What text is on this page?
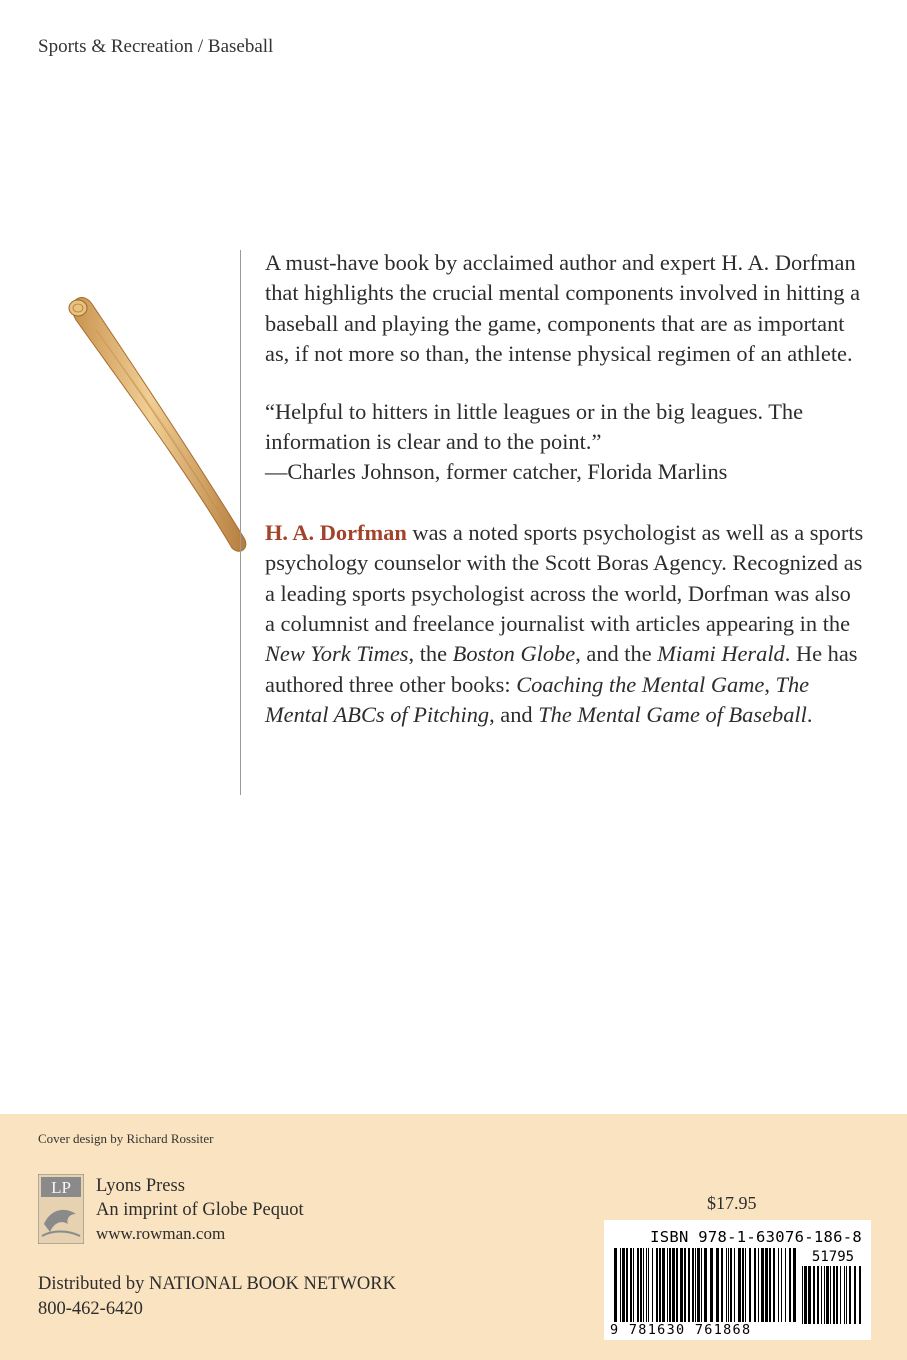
Sports & Recreation / Baseball

A must-have book by acclaimed author and expert H. A. Dorfman that highlights the crucial mental components involved in hitting a baseball and playing the game, components that are as important as, if not more so than, the intense physical regimen of an athlete.

“Helpful to hitters in little leagues or in the big leagues. The information is clear and to the point.”
—Charles Johnson, former catcher, Florida Marlins

H. A. Dorfman was a noted sports psychologist as well as a sports psychology counselor with the Scott Boras Agency. Recognized as a leading sports psychologist across the world, Dorfman was also a columnist and freelance journalist with articles appearing in the New York Times, the Boston Globe, and the Miami Herald. He has authored three other books: Coaching the Mental Game, The Mental ABCs of Pitching, and The Mental Game of Baseball.

Cover design by Richard Rossiter
LP Lyons Press
An imprint of Globe Pequot
www.rowman.com
Distributed by NATIONAL BOOK NETWORK
800-462-6420
$17.95
ISBN 978-1-63076-186-8
51795
9 781630 761868
